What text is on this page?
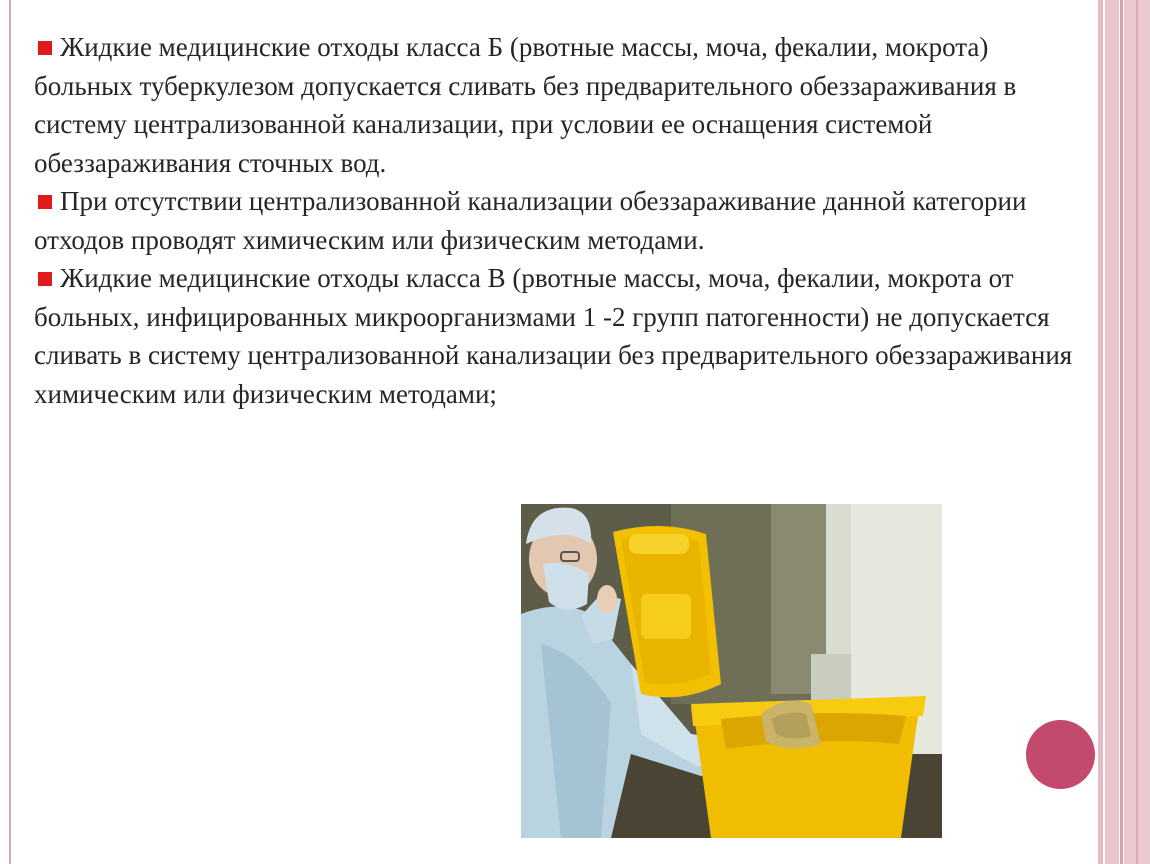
Жидкие медицинские отходы класса Б (рвотные массы, моча, фекалии, мокрота) больных туберкулезом допускается сливать без предварительного обеззараживания в систему централизованной канализации, при условии ее оснащения системой обеззараживания сточных вод.

При отсутствии централизованной канализации обеззараживание данной категории отходов проводят химическим или физическим методами.

Жидкие медицинские отходы класса В (рвотные массы, моча, фекалии, мокрота от больных, инфицированных микроорганизмами 1 -2 групп патогенности) не допускается сливать в систему централизованной канализации без предварительного обеззараживания химическим или физическим методами;
